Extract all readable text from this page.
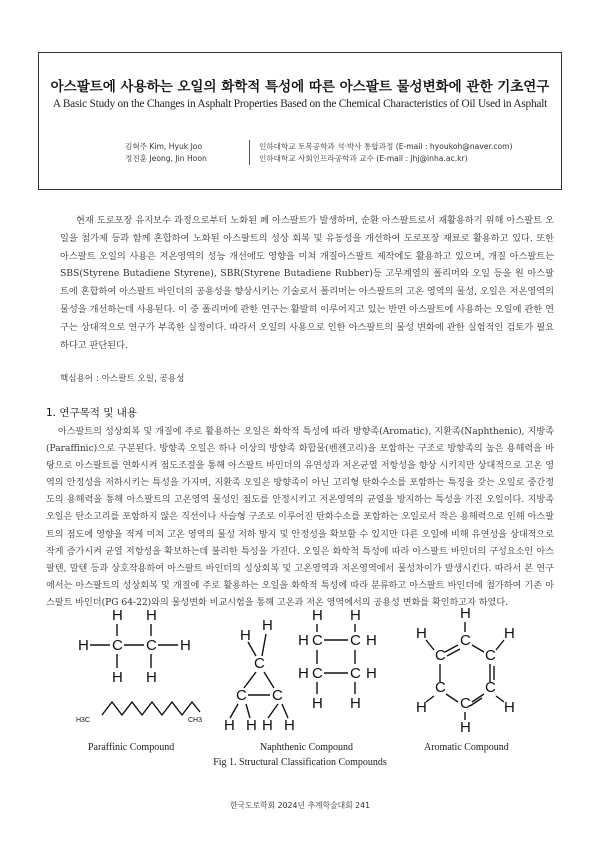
아스팔트에 사용하는 오일의 화학적 특성에 따른 아스팔트 물성변화에 관한 기초연구
A Basic Study on the Changes in Asphalt Properties Based on the Chemical Characteristics of Oil Used in Asphalt
김혁주 Kim, Hyuk Joo	인하대학교 토목공학과 석·박사 통합과정 (E-mail : hyoukoh@naver.com)
정진훈 Jeong, Jin Hoon	인하대학교 사회인프라공학과 교수 (E-mail : jhj@inha.ac.kr)
현재 도로포장 유지보수 과정으로부터 노화된 폐 아스팔트가 발생하며, 순환 아스팔트로서 재활용하기 위해 아스팔트 오일을 첨가제 등과 함께 혼합하여 노화된 아스팔트의 성상 회복 및 유동성을 개선하여 도로포장 재료로 활용하고 있다. 또한 아스팔트 오일의 사용은 저온영역의 성능 개선에도 영향을 미쳐 개질아스팔트 제작에도 활용하고 있으며, 개질 아스팔트는 SBS(Styrene Butadiene Styrene), SBR(Styrene Butadiene Rubber)등 고무계열의 폴리머와 오일 등을 원 아스팔트에 혼합하여 아스팔트 바인더의 공용성을 향상시키는 기술로서 폴리머는 아스팔트의 고온 영역의 물성, 오일은 저온영역의 물성을 개선하는데 사용된다. 이 중 폴리머에 관한 연구는 활발히 이루어지고 있는 반면 아스팔트에 사용하는 오일에 관한 연구는 상대적으로 연구가 부족한 실정이다. 따라서 오일의 사용으로 인한 아스팔트의 물성 변화에 관한 실험적인 검토가 필요하다고 판단된다.
핵심용어 : 아스팔트 오일, 공용성
1. 연구목적 및 내용
아스팔트의 성상회복 및 개질에 주로 활용하는 오일은 화학적 특성에 따라 방향족(Aromatic), 지환족(Naphthenic), 지방족(Paraffinic)으로 구분된다. 방향족 오일은 하나 이상의 방향족 화합물(벤젠고리)을 포함하는 구조로 방향족의 높은 용해력을 바탕으로 아스팔트를 연화시켜 점도조절을 통해 아스팔트 바인더의 유연성과 저온균열 저항성을 향상 시키지만 상대적으로 고온 영역의 안정성을 저하시키는 특성을 가지며, 지환족 오일은 방향족이 아닌 고리형 탄화수소를 포함하는 특징을 갖는 오일로 중간정도의 용해력을 통해 아스팔트의 고온영역 물성인 점도를 안정시키고 저온영역의 균열을 방지하는 특성을 가진 오일이다. 지방족 오일은 탄소고리를 포함하지 않은 직선이나 사슬형 구조로 이루어진 탄화수소를 포함하는 오일로서 작은 용해력으로 인해 아스팔트의 점도에 영향을 적게 미쳐 고온 영역의 물성 저하 방지 및 안정성을 확보할 수 있지만 다른 오일에 비해 유연성을 상대적으로 작게 증가시켜 균열 저항성을 확보하는데 불리한 특성을 가진다. 오일은 화학적 특성에 따라 아스팔트 바인더의 구성요소인 아스팔텐, 말텐 등과 상호작용하여 아스팔트 바인더의 성상회복 및 고온영역과 저온영역에서 물성차이가 발생시킨다. 따라서 본 연구에서는 아스팔트의 성상회복 및 개질에 주로 활용하는 오일을 화학적 특성에 따라 분류하고 아스팔트 바인더에 첨가하여 기존 아스팔트 바인더(PG 64-22)와의 물성변화 비교시험을 통해 고온과 저온 영역에서의 공용성 변화를 확인하고자 하였다.
H H
H C C H
H H
H3C	CH3
H
H
C
C C
H H H H
H H
H C C H
H C C H
H H
H
H	H
H	H
H
C
C	C
C	C
C
Paraffinic Compound	Naphthenic Compound	Aromatic Compound
Fig 1. Structural Classification Compounds
한국도로학회 2024년 추계학술대회 241
